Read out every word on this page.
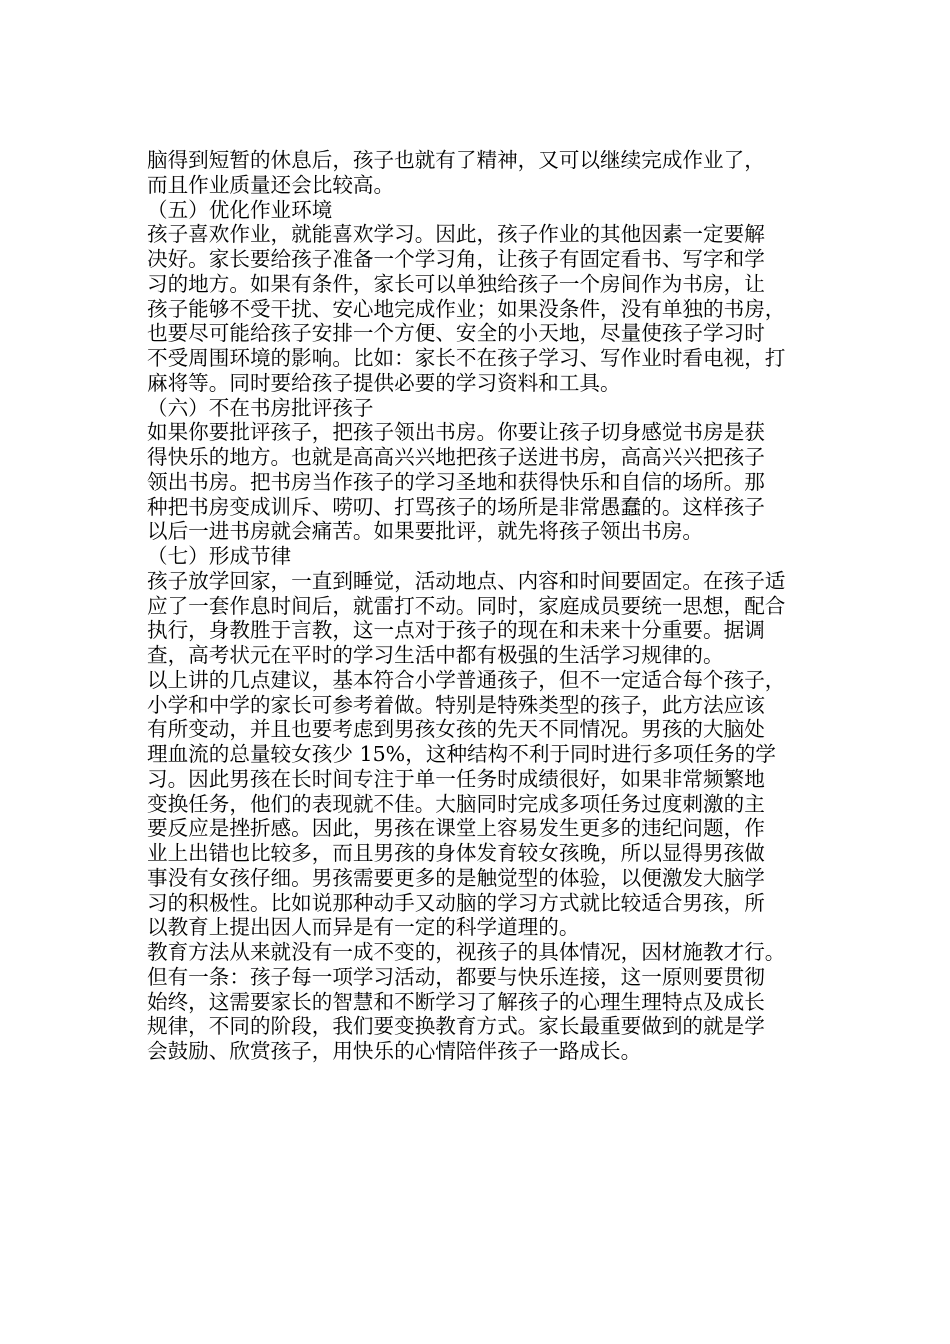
脑得到短暂的休息后，孩子也就有了精神，又可以继续完成作业了，

而且作业质量还会比较高。

（五）优化作业环境

孩子喜欢作业，就能喜欢学习。因此，孩子作业的其他因素一定要解

决好。家长要给孩子准备一个学习角，让孩子有固定看书、写字和学

习的地方。如果有条件，家长可以单独给孩子一个房间作为书房，让

孩子能够不受干扰、安心地完成作业；如果没条件，没有单独的书房，

也要尽可能给孩子安排一个方便、安全的小天地，尽量使孩子学习时

不受周围环境的影响。比如：家长不在孩子学习、写作业时看电视，打

麻将等。同时要给孩子提供必要的学习资料和工具。

（六）不在书房批评孩子

如果你要批评孩子，把孩子领出书房。你要让孩子切身感觉书房是获

得快乐的地方。也就是高高兴兴地把孩子送进书房，高高兴兴把孩子

领出书房。把书房当作孩子的学习圣地和获得快乐和自信的场所。那

种把书房变成训斥、唠叨、打骂孩子的场所是非常愚蠢的。这样孩子

以后一进书房就会痛苦。如果要批评，就先将孩子领出书房。

（七）形成节律

孩子放学回家，一直到睡觉，活动地点、内容和时间要固定。在孩子适

应了一套作息时间后，就雷打不动。同时，家庭成员要统一思想，配合

执行，身教胜于言教，这一点对于孩子的现在和未来十分重要。据调

查，高考状元在平时的学习生活中都有极强的生活学习规律的。

以上讲的几点建议，基本符合小学普通孩子，但不一定适合每个孩子，

小学和中学的家长可参考着做。特别是特殊类型的孩子，此方法应该

有所变动，并且也要考虑到男孩女孩的先天不同情况。男孩的大脑处

理血流的总量较女孩少 15%，这种结构不利于同时进行多项任务的学

习。因此男孩在长时间专注于单一任务时成绩很好，如果非常频繁地

变换任务，他们的表现就不佳。大脑同时完成多项任务过度刺激的主

要反应是挫折感。因此，男孩在课堂上容易发生更多的违纪问题，作

业上出错也比较多，而且男孩的身体发育较女孩晚，所以显得男孩做

事没有女孩仔细。男孩需要更多的是触觉型的体验，以便激发大脑学

习的积极性。比如说那种动手又动脑的学习方式就比较适合男孩，所

以教育上提出因人而异是有一定的科学道理的。

教育方法从来就没有一成不变的，视孩子的具体情况，因材施教才行。

但有一条：孩子每一项学习活动，都要与快乐连接，这一原则要贯彻

始终，这需要家长的智慧和不断学习了解孩子的心理生理特点及成长

规律，不同的阶段，我们要变换教育方式。家长最重要做到的就是学

会鼓励、欣赏孩子，用快乐的心情陪伴孩子一路成长。
